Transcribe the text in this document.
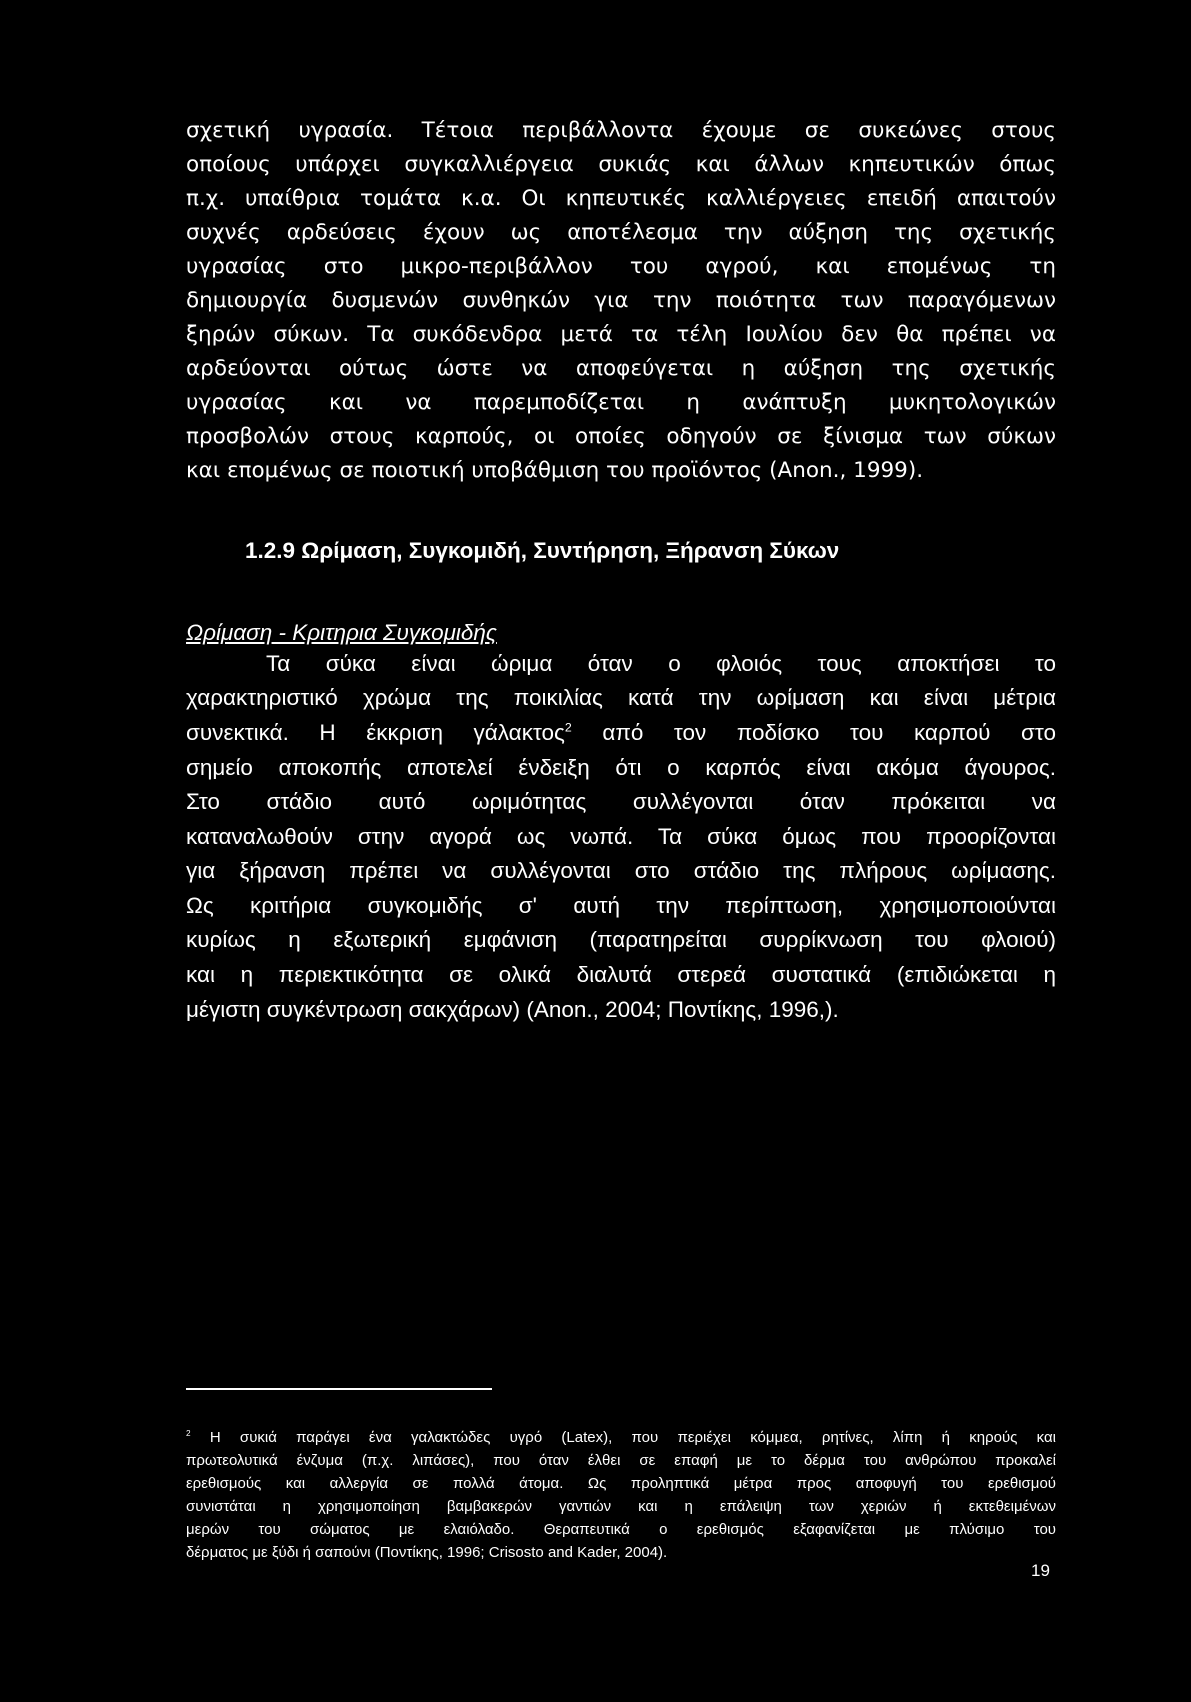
σχετική υγρασία. Τέτοια περιβάλλοντα έχουμε σε συκεώνες στους
οποίους υπάρχει συγκαλλιέργεια συκιάς και άλλων κηπευτικών όπως
π.χ. υπαίθρια τομάτα κ.α. Οι κηπευτικές καλλιέργειες επειδή απαιτούν
συχνές αρδεύσεις έχουν ως αποτέλεσμα την αύξηση της σχετικής
υγρασίας στο μικρο-περιβάλλον του αγρού, και επομένως τη
δημιουργία δυσμενών συνθηκών για την ποιότητα των παραγόμενων
ξηρών σύκων. Τα συκόδενδρα μετά τα τέλη Ιουλίου δεν θα πρέπει να
αρδεύονται ούτως ώστε να αποφεύγεται η αύξηση της σχετικής
υγρασίας και να παρεμποδίζεται η ανάπτυξη μυκητολογικών
προσβολών στους καρπούς, οι οποίες οδηγούν σε ξίνισμα των σύκων
και επομένως σε ποιοτική υποβάθμιση του προϊόντος (Anon., 1999).
1.2.9 Ωρίμαση, Συγκομιδή, Συντήρηση, Ξήρανση Σύκων
Ωρίμαση - Κριτηρια Συγκομιδής
Τα σύκα είναι ώριμα όταν ο φλοιός τους αποκτήσει το
χαρακτηριστικό χρώμα της ποικιλίας κατά την ωρίμαση και είναι μέτρια
συνεκτικά. Η έκκριση γάλακτος$^2$ από τον ποδίσκο του καρπού στο
σημείο αποκοπής αποτελεί ένδειξη ότι ο καρπός είναι ακόμα άγουρος.
Στο στάδιο αυτό ωριμότητας συλλέγονται όταν πρόκειται να
καταναλωθούν στην αγορά ως νωπά. Τα σύκα όμως που προορίζονται
για ξήρανση πρέπει να συλλέγονται στο στάδιο της πλήρους ωρίμασης.
Ως κριτήρια συγκομιδής σ' αυτή την περίπτωση, χρησιμοποιούνται
κυρίως η εξωτερική εμφάνιση (παρατηρείται συρρίκνωση του φλοιού)
και η περιεκτικότητα σε ολικά διαλυτά στερεά συστατικά (επιδιώκεται η
μέγιστη συγκέντρωση σακχάρων) (Anon., 2004; Ποντίκης, 1996,).
$^2$ Η συκιά παράγει ένα γαλακτώδες υγρό (Latex), που περιέχει κόμμεα, ρητίνες, λίπη ή κηρούς και
πρωτεολυτικά ένζυμα (π.χ. λιπάσες), που όταν έλθει σε επαφή με το δέρμα του ανθρώπου προκαλεί
ερεθισμούς και αλλεργία σε πολλά άτομα. Ως προληπτικά μέτρα προς αποφυγή του ερεθισμού
συνιστάται η χρησιμοποίηση βαμβακερών γαντιών και η επάλειψη των χεριών ή εκτεθειμένων
μερών του σώματος με ελαιόλαδο. Θεραπευτικά ο ερεθισμός εξαφανίζεται με πλύσιμο του
δέρματος με ξύδι ή σαπούνι (Ποντίκης, 1996; Crisosto and Kader, 2004).
19
